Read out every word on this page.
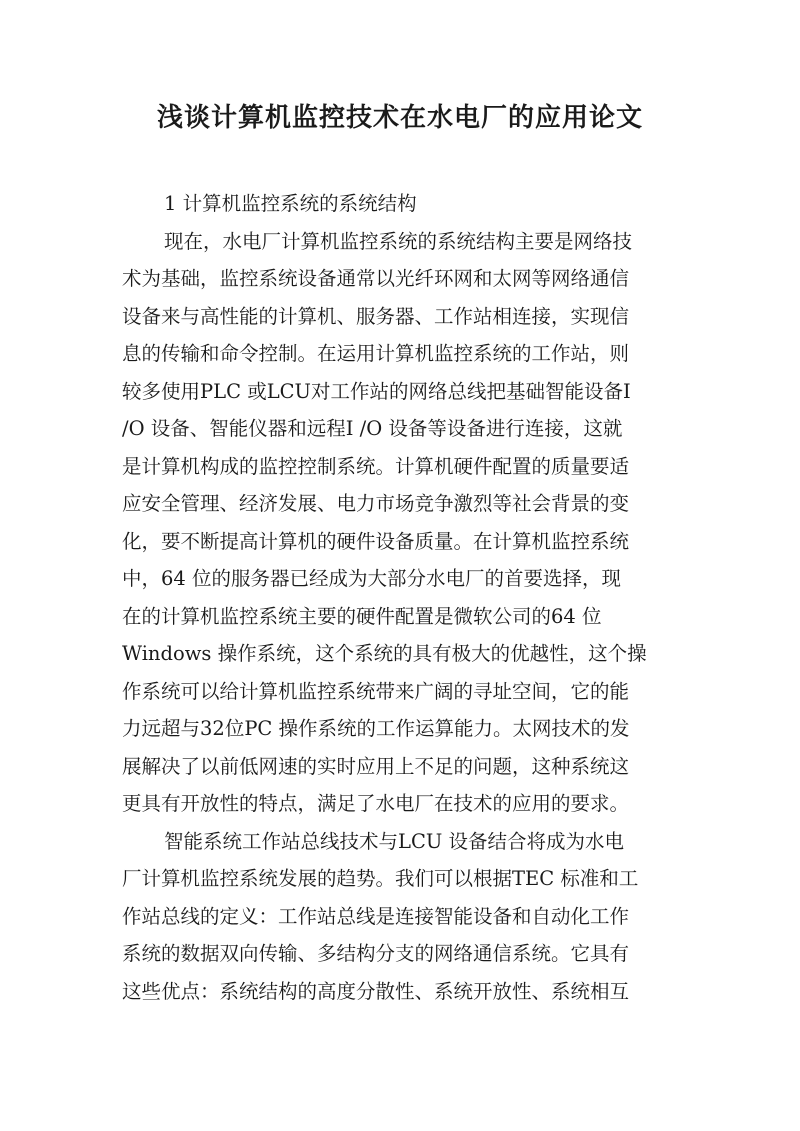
浅谈计算机监控技术在水电厂的应用论文
1 计算机监控系统的系统结构
现在，水电厂计算机监控系统的系统结构主要是网络技
术为基础，监控系统设备通常以光纤环网和太网等网络通信
设备来与高性能的计算机、服务器、工作站相连接，实现信
息的传输和命令控制。在运用计算机监控系统的工作站，则
较多使用PLC 或LCU对工作站的网络总线把基础智能设备I
/O 设备、智能仪器和远程I /O 设备等设备进行连接，这就
是计算机构成的监控控制系统。计算机硬件配置的质量要适
应安全管理、经济发展、电力市场竞争激烈等社会背景的变
化，要不断提高计算机的硬件设备质量。在计算机监控系统
中，64 位的服务器已经成为大部分水电厂的首要选择，现
在的计算机监控系统主要的硬件配置是微软公司的64 位
Windows 操作系统，这个系统的具有极大的优越性，这个操
作系统可以给计算机监控系统带来广阔的寻址空间，它的能
力远超与32位PC 操作系统的工作运算能力。太网技术的发
展解决了以前低网速的实时应用上不足的问题，这种系统这
更具有开放性的特点，满足了水电厂在技术的应用的要求。
智能系统工作站总线技术与LCU 设备结合将成为水电
厂计算机监控系统发展的趋势。我们可以根据TEC 标准和工
作站总线的定义：工作站总线是连接智能设备和自动化工作
系统的数据双向传输、多结构分支的网络通信系统。它具有
这些优点：系统结构的高度分散性、系统开放性、系统相互
